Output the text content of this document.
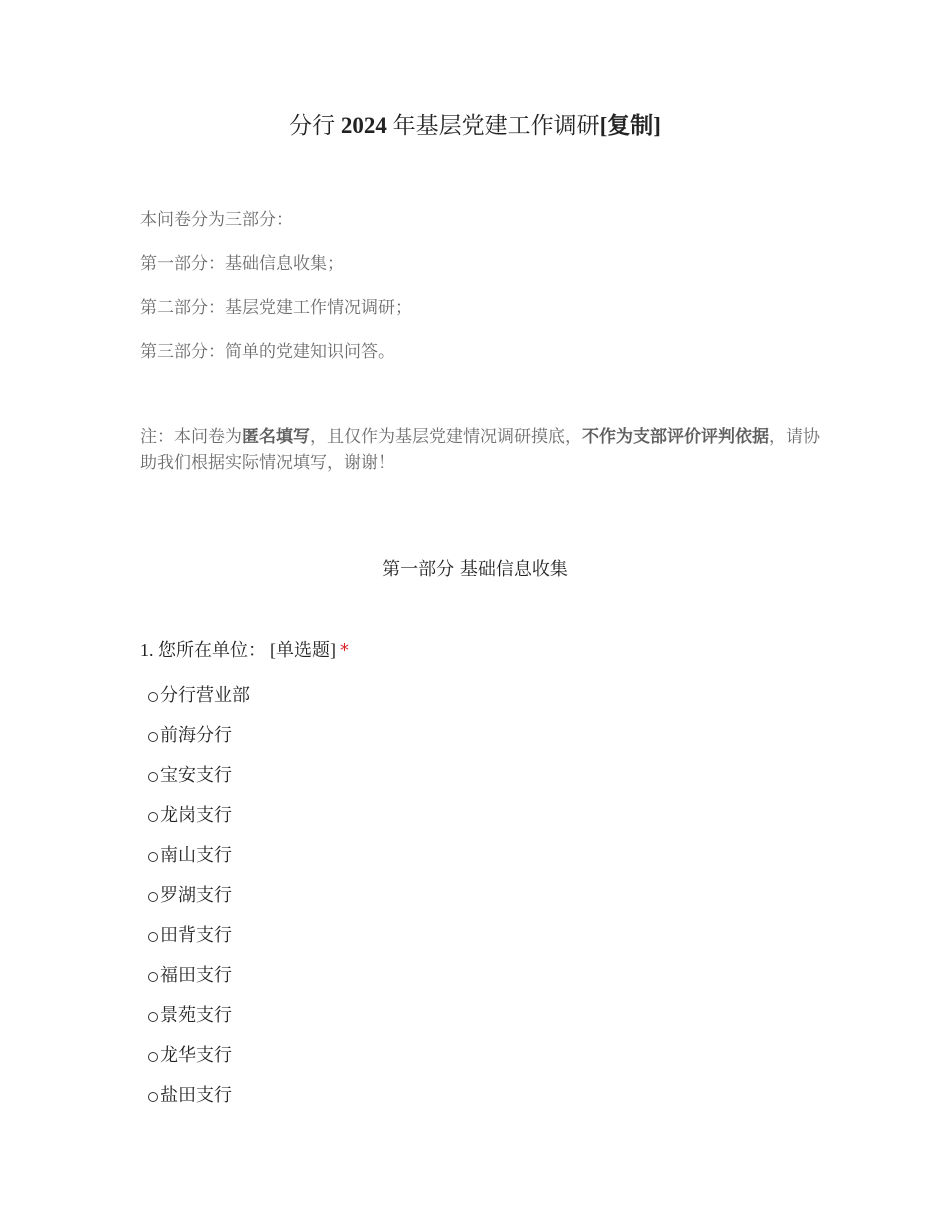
分行 2024 年基层党建工作调研[复制]

本问卷分为三部分：

第一部分：基础信息收集；

第二部分：基层党建工作情况调研；

第三部分：简单的党建知识问答。

注：本问卷为匿名填写，且仅作为基层党建情况调研摸底，不作为支部评价评判依据，请协助我们根据实际情况填写，谢谢！
第一部分 基础信息收集
1. 您所在单位： [单选题] *
分行营业部
前海分行
宝安支行
龙岗支行
南山支行
罗湖支行
田背支行
福田支行
景苑支行
龙华支行
盐田支行
